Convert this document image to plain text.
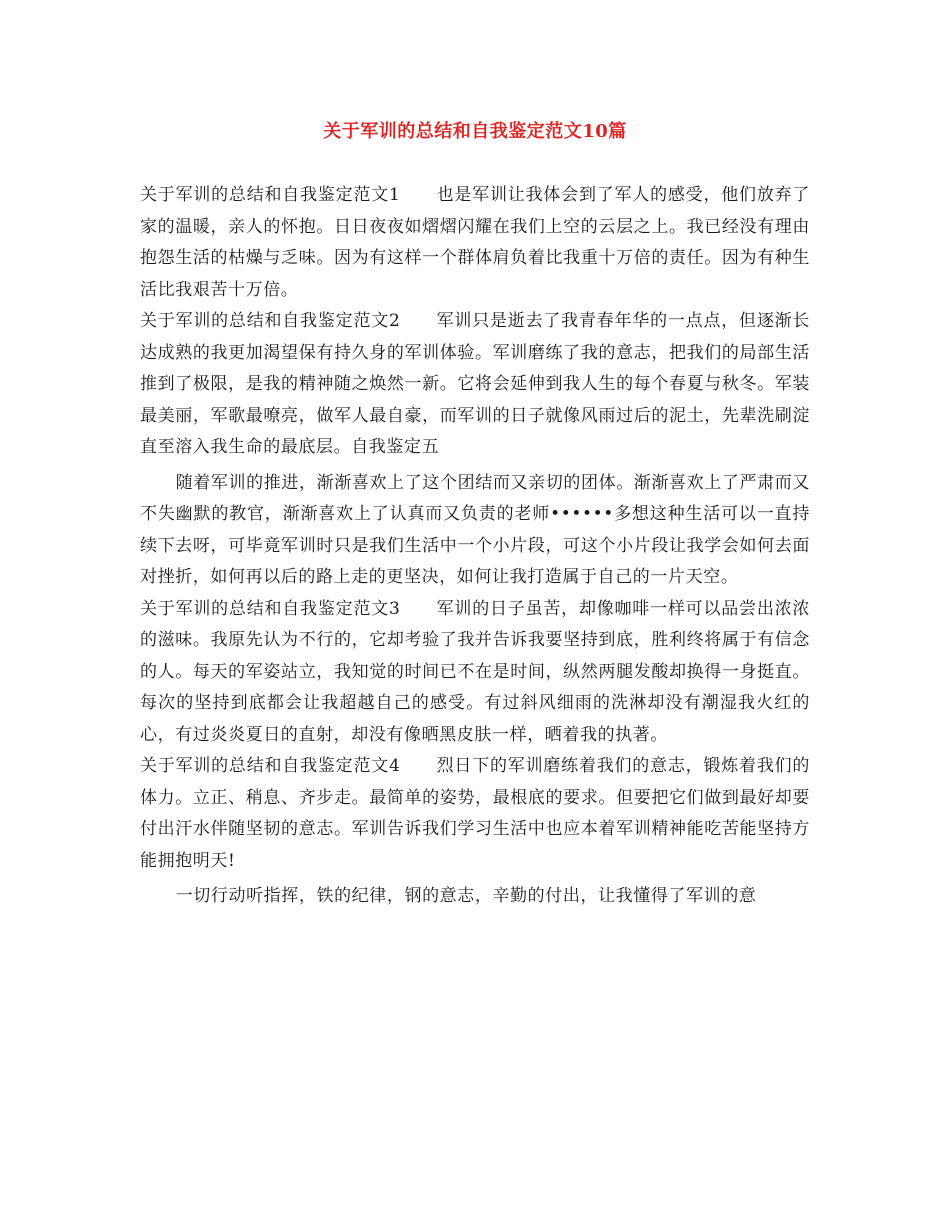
关于军训的总结和自我鉴定范文10篇

关于军训的总结和自我鉴定范文1 也是军训让我体会到了军人的感受，他们放弃了家的温暖，亲人的怀抱。日日夜夜如熠熠闪耀在我们上空的云层之上。我已经没有理由抱怨生活的枯燥与乏味。因为有这样一个群体肩负着比我重十万倍的责任。因为有种生活比我艰苦十万倍。

关于军训的总结和自我鉴定范文2 军训只是逝去了我青春年华的一点点，但逐渐长达成熟的我更加渴望保有持久身的军训体验。军训磨练了我的意志，把我们的局部生活推到了极限，是我的精神随之焕然一新。它将会延伸到我人生的每个春夏与秋冬。军装最美丽，军歌最嘹亮，做军人最自豪，而军训的日子就像风雨过后的泥土，先辈洗刷淀直至溶入我生命的最底层。自我鉴定五

随着军训的推进，渐渐喜欢上了这个团结而又亲切的团体。渐渐喜欢上了严肃而又不失幽默的教官，渐渐喜欢上了认真而又负责的老师••••••多想这种生活可以一直持续下去呀，可毕竟军训时只是我们生活中一个小片段，可这个小片段让我学会如何去面对挫折，如何再以后的路上走的更坚决，如何让我打造属于自己的一片天空。

关于军训的总结和自我鉴定范文3 军训的日子虽苦，却像咖啡一样可以品尝出浓浓的滋味。我原先认为不行的，它却考验了我并告诉我要坚持到底，胜利终将属于有信念的人。每天的军姿站立，我知觉的时间已不在是时间，纵然两腿发酸却换得一身挺直。每次的坚持到底都会让我超越自己的感受。有过斜风细雨的洗淋却没有潮湿我火红的心，有过炎炎夏日的直射，却没有像晒黑皮肤一样，晒着我的执著。

关于军训的总结和自我鉴定范文4 烈日下的军训磨练着我们的意志，锻炼着我们的体力。立正、稍息、齐步走。最简单的姿势，最根底的要求。但要把它们做到最好却要付出汗水伴随坚韧的意志。军训告诉我们学习生活中也应本着军训精神能吃苦能坚持方能拥抱明天!

一切行动听指挥，铁的纪律，钢的意志，辛勤的付出，让我懂得了军训的意
